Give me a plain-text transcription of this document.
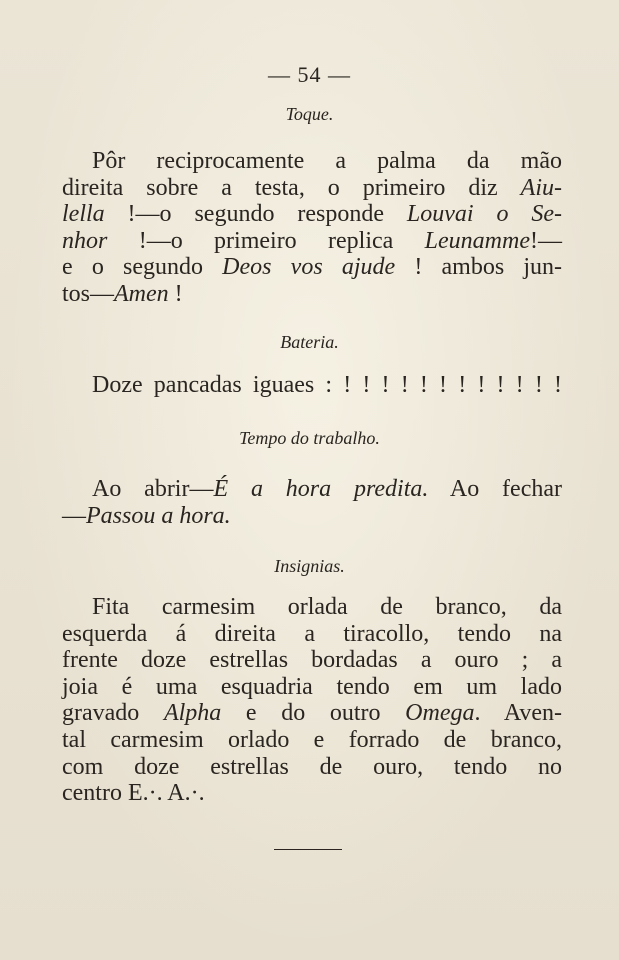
— 54 —
Toque.
Pôr reciprocamente a palma da mão
direita sobre a testa, o primeiro diz Aiu-
lella !—o segundo responde Louvai o Se-
nhor !—o primeiro replica Leunamme!—
e o segundo Deos vos ajude ! ambos jun-
tos—Amen !
Bateria.
Doze pancadas iguaes : ! ! ! ! ! ! ! ! ! ! ! !
Tempo do trabalho.
Ao abrir—É a hora predita. Ao fechar
—Passou a hora.
Insignias.
Fita carmesim orlada de branco, da
esquerda á direita a tiracollo, tendo na
frente doze estrellas bordadas a ouro ; a
joia é uma esquadria tendo em um lado
gravado Alpha e do outro Omega. Aven-
tal carmesim orlado e forrado de branco,
com doze estrellas de ouro, tendo no
centro E.·. A.·.
